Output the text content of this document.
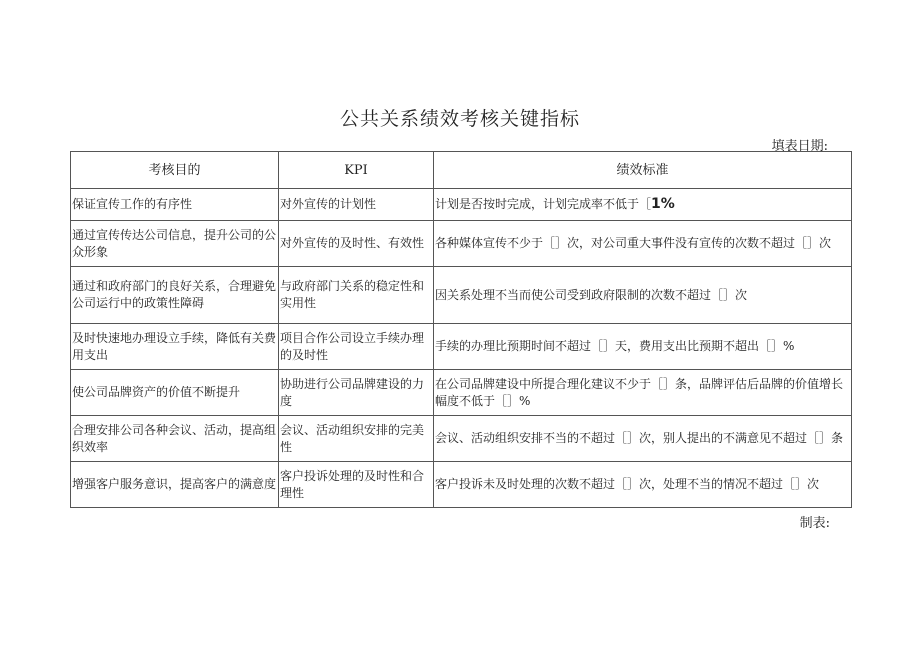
公共关系绩效考核关键指标
填表日期:
考核目的	KPI	绩效标准
保证宣传工作的有序性	对外宣传的计划性	计划是否按时完成，计划完成率不低于［1%
通过宣传传达公司信息，提升公司的公众形象	对外宣传的及时性、有效性	各种媒体宣传不少于［］次，对公司重大事件没有宣传的次数不超过［］次
通过和政府部门的良好关系，合理避免公司运行中的政策性障碍	与政府部门关系的稳定性和实用性	因关系处理不当而使公司受到政府限制的次数不超过［］次
及时快速地办理设立手续，降低有关费用支出	项目合作公司设立手续办理的及时性	手续的办理比预期时间不超过［］天，费用支出比预期不超出［］%
使公司品牌资产的价值不断提升	协助进行公司品牌建设的力度	在公司品牌建设中所提合理化建议不少于［］条，品牌评估后品牌的价值增长幅度不低于［］%
合理安排公司各种会议、活动，提高组织效率	会议、活动组织安排的完美性	会议、活动组织安排不当的不超过［］次，别人提出的不满意见不超过［］条
增强客户服务意识，提高客户的满意度	客户投诉处理的及时性和合理性	客户投诉未及时处理的次数不超过［］次，处理不当的情况不超过［］次
制表:
